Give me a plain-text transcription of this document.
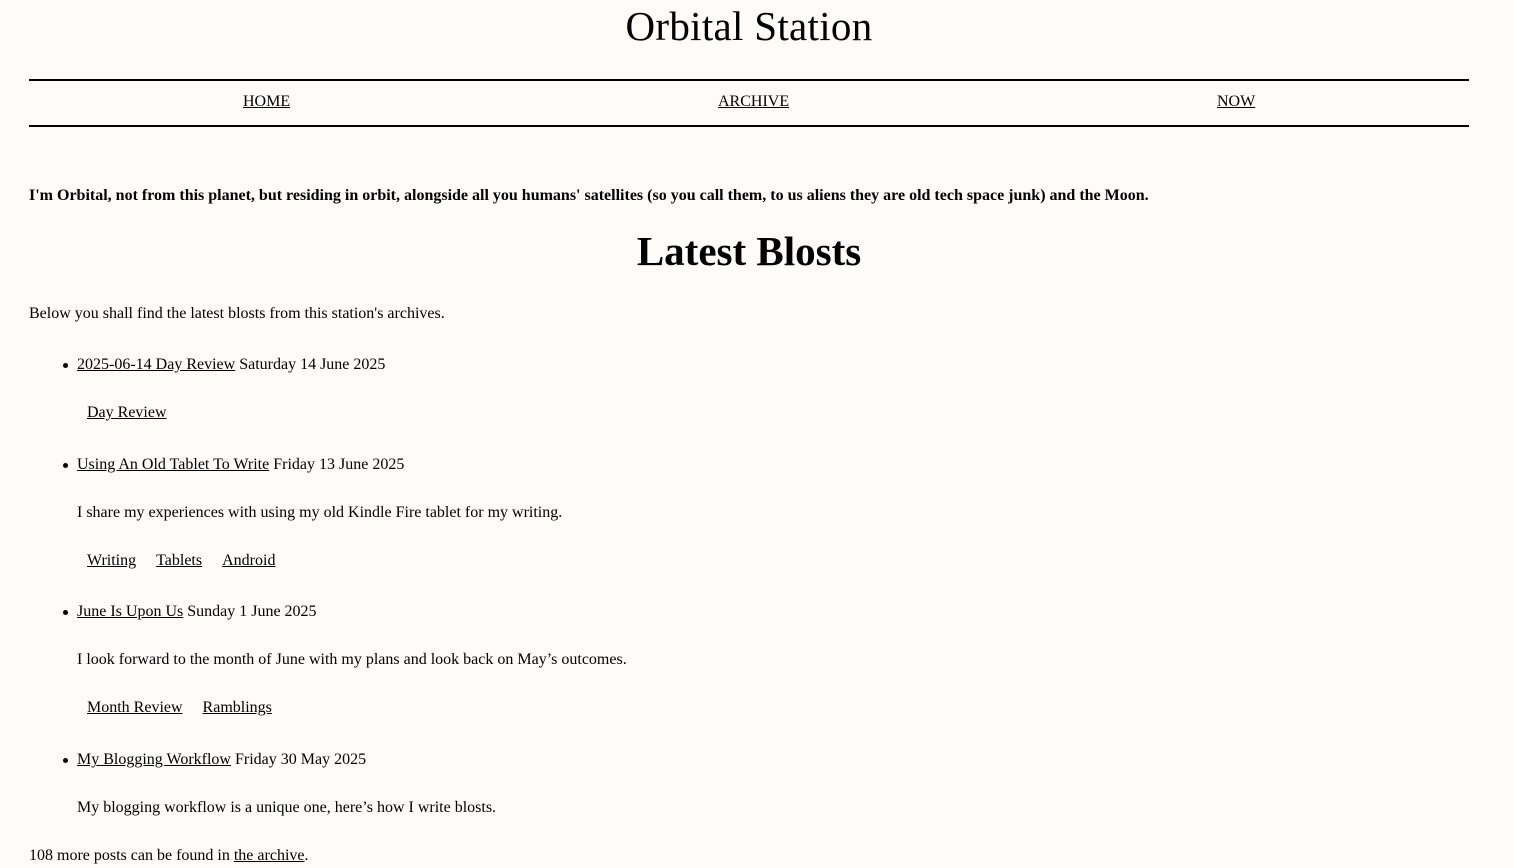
Orbital Station
HOME	ARCHIVE	NOW

I'm Orbital, not from this planet, but residing in orbit, alongside all you humans' satellites (so you call them, to us aliens they are old tech space junk) and the Moon.

Latest Blosts

Below you shall find the latest blosts from this station's archives.

2025-06-14 Day Review Saturday 14 June 2025
Day Review
Using An Old Tablet To Write Friday 13 June 2025
I share my experiences with using my old Kindle Fire tablet for my writing.
Writing Tablets Android
June Is Upon Us Sunday 1 June 2025
I look forward to the month of June with my plans and look back on May’s outcomes.
Month Review Ramblings
My Blogging Workflow Friday 30 May 2025
My blogging workflow is a unique one, here’s how I write blosts.
108 more posts can be found in the archive.
